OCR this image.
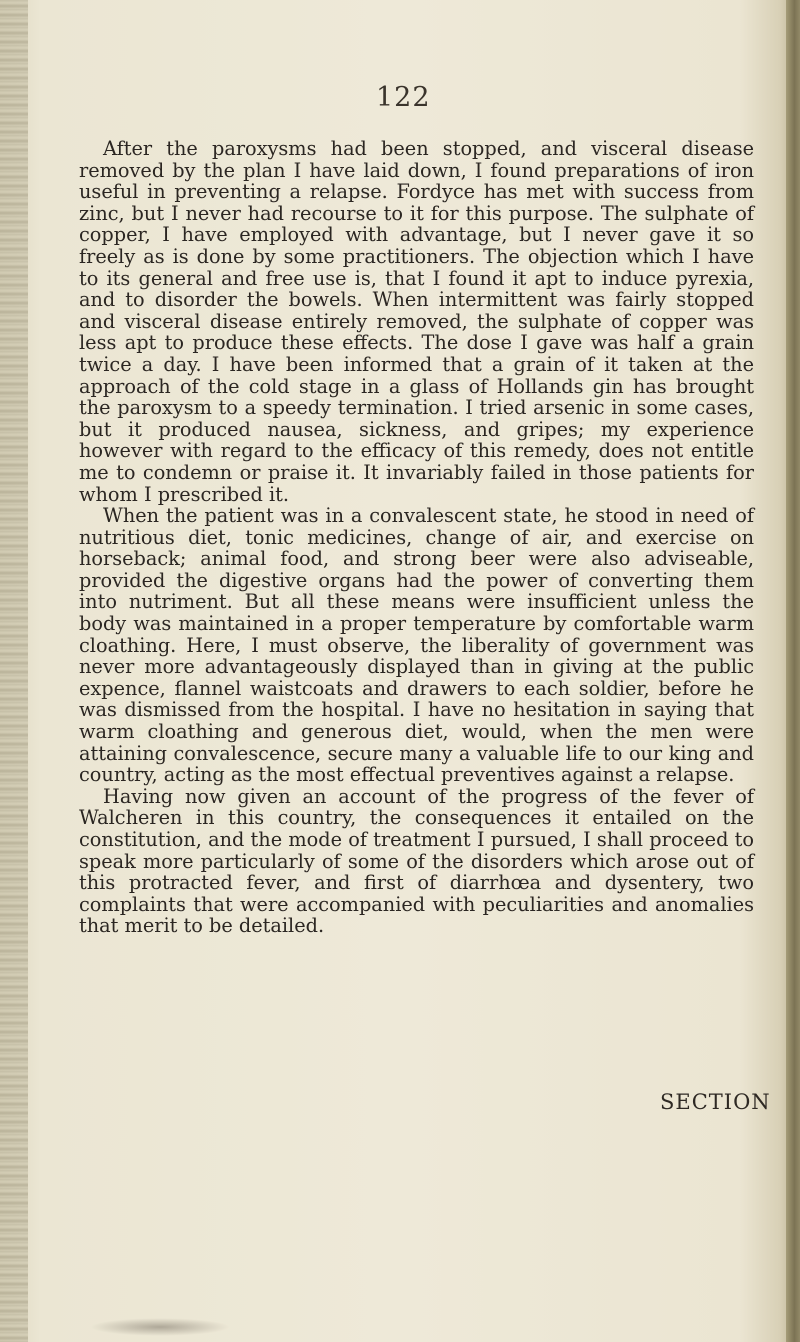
122

After the paroxysms had been stopped, and visceral disease removed by the plan I have laid down, I found preparations of iron useful in preventing a relapse. Fordyce has met with success from zinc, but I never had recourse to it for this purpose. The sulphate of copper, I have employed with advantage, but I never gave it so freely as is done by some practitioners. The objection which I have to its general and free use is, that I found it apt to induce pyrexia, and to disorder the bowels. When intermittent was fairly stopped and visceral disease entirely removed, the sulphate of copper was less apt to produce these effects. The dose I gave was half a grain twice a day. I have been informed that a grain of it taken at the approach of the cold stage in a glass of Hollands gin has brought the paroxysm to a speedy termination. I tried arsenic in some cases, but it produced nausea, sickness, and gripes; my experience however with regard to the efficacy of this remedy, does not entitle me to condemn or praise it. It invariably failed in those patients for whom I prescribed it.

When the patient was in a convalescent state, he stood in need of nutritious diet, tonic medicines, change of air, and exercise on horseback; animal food, and strong beer were also adviseable, provided the digestive organs had the power of converting them into nutriment. But all these means were insufficient unless the body was maintained in a proper temperature by comfortable warm cloathing. Here, I must observe, the liberality of government was never more advantageously displayed than in giving at the public expence, flannel waistcoats and drawers to each soldier, before he was dismissed from the hospital. I have no hesitation in saying that warm cloathing and generous diet, would, when the men were attaining convalescence, secure many a valuable life to our king and country, acting as the most effectual preventives against a relapse.

Having now given an account of the progress of the fever of Walcheren in this country, the consequences it entailed on the constitution, and the mode of treatment I pursued, I shall proceed to speak more particularly of some of the disorders which arose out of this protracted fever, and first of diarrhœa and dysentery, two complaints that were accompanied with peculiarities and anomalies that merit to be detailed.

SECTION
